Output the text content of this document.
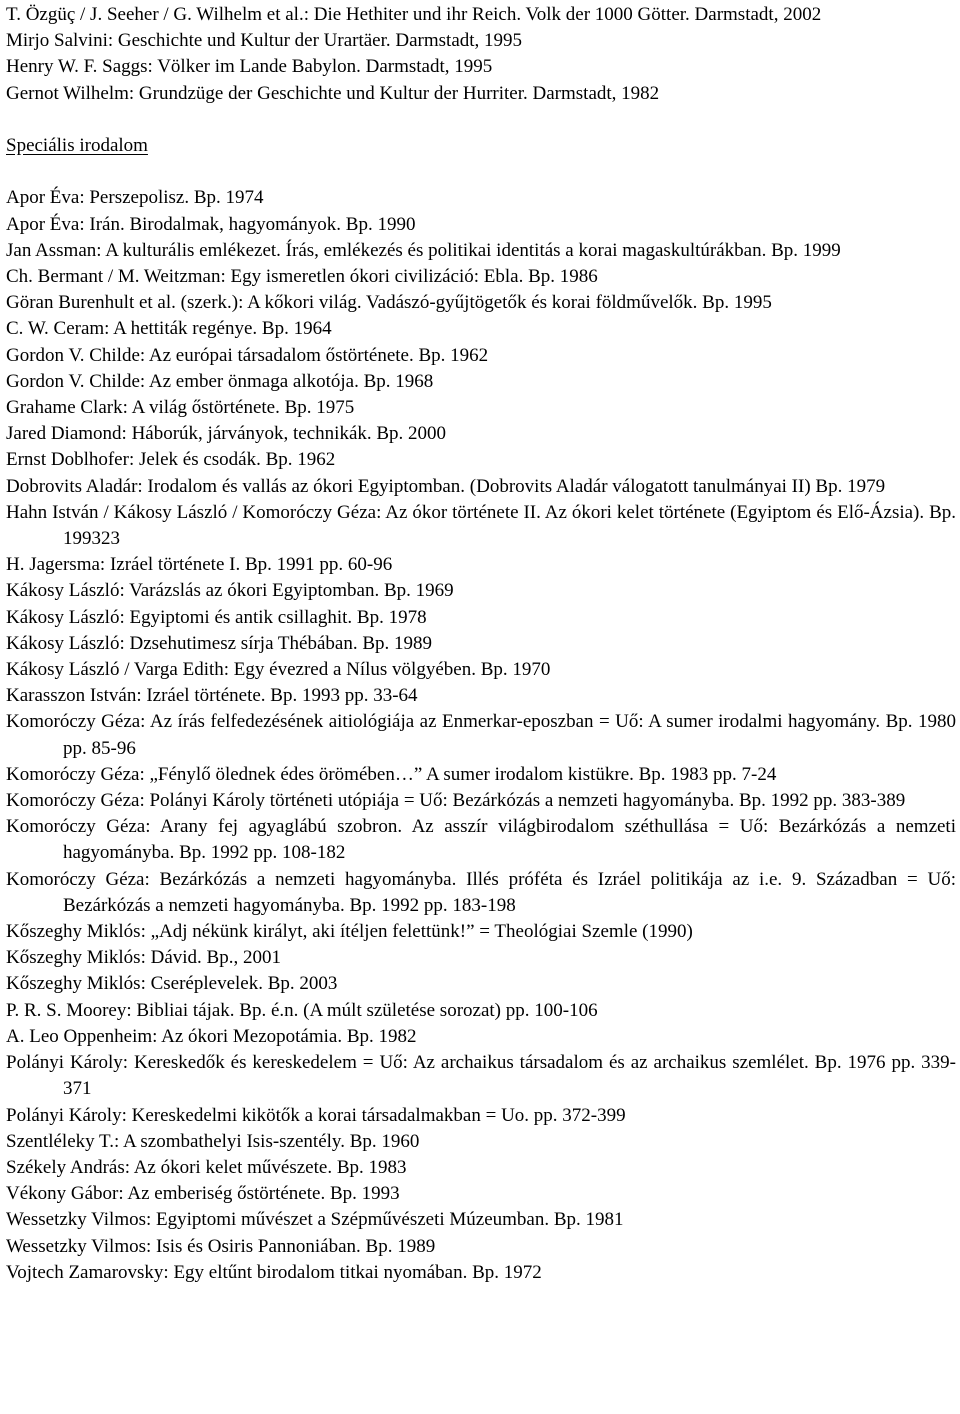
T. Özgüç / J. Seeher / G. Wilhelm et al.: Die Hethiter und ihr Reich. Volk der 1000 Götter. Darmstadt, 2002

Mirjo Salvini: Geschichte und Kultur der Urartäer. Darmstadt, 1995

Henry W. F. Saggs: Völker im Lande Babylon. Darmstadt, 1995

Gernot Wilhelm: Grundzüge der Geschichte und Kultur der Hurriter. Darmstadt, 1982

Speciális irodalom

Apor Éva: Perszepolisz. Bp. 1974

Apor Éva: Irán. Birodalmak, hagyományok. Bp. 1990

Jan Assman: A kulturális emlékezet. Írás, emlékezés és politikai identitás a korai magaskultúrákban. Bp. 1999

Ch. Bermant / M. Weitzman: Egy ismeretlen ókori civilizáció: Ebla. Bp. 1986

Göran Burenhult et al. (szerk.): A kőkori világ. Vadászó-gyűjtögetők és korai földművelők. Bp. 1995

C. W. Ceram: A hettiták regénye. Bp. 1964

Gordon V. Childe: Az európai társadalom őstörténete. Bp. 1962

Gordon V. Childe: Az ember önmaga alkotója. Bp. 1968

Grahame Clark: A világ őstörténete. Bp. 1975

Jared Diamond: Háborúk, járványok, technikák. Bp. 2000

Ernst Doblhofer: Jelek és csodák. Bp. 1962

Dobrovits Aladár: Irodalom és vallás az ókori Egyiptomban. (Dobrovits Aladár válogatott tanulmányai II) Bp. 1979

Hahn István / Kákosy László / Komoróczy Géza: Az ókor története II. Az ókori kelet története (Egyiptom és Elő-Ázsia). Bp. 199323

H. Jagersma: Izráel története I. Bp. 1991 pp. 60-96

Kákosy László: Varázslás az ókori Egyiptomban. Bp. 1969

Kákosy László: Egyiptomi és antik csillaghit. Bp. 1978

Kákosy László: Dzsehutimesz sírja Thébában. Bp. 1989

Kákosy László / Varga Edith: Egy évezred a Nílus völgyében. Bp. 1970

Karasszon István: Izráel története. Bp. 1993 pp. 33-64

Komoróczy Géza: Az írás felfedezésének aitiológiája az Enmerkar-eposzban = Uő: A sumer irodalmi hagyomány. Bp. 1980 pp. 85-96

Komoróczy Géza: „Fénylő ölednek édes örömében…” A sumer irodalom kistükre. Bp. 1983 pp. 7-24

Komoróczy Géza: Polányi Károly történeti utópiája = Uő: Bezárkózás a nemzeti hagyományba. Bp. 1992 pp. 383-389

Komoróczy Géza: Arany fej agyaglábú szobron. Az asszír világbirodalom széthullása = Uő: Bezárkózás a nemzeti hagyományba. Bp. 1992 pp. 108-182

Komoróczy Géza: Bezárkózás a nemzeti hagyományba. Illés próféta és Izráel politikája az i.e. 9. Században = Uő: Bezárkózás a nemzeti hagyományba. Bp. 1992 pp. 183-198

Kőszeghy Miklós: „Adj nékünk királyt, aki ítéljen felettünk!” = Theológiai Szemle (1990)

Kőszeghy Miklós: Dávid. Bp., 2001

Kőszeghy Miklós: Cseréplevelek. Bp. 2003

P. R. S. Moorey: Bibliai tájak. Bp. é.n. (A múlt születése sorozat) pp. 100-106

A. Leo Oppenheim: Az ókori Mezopotámia. Bp. 1982

Polányi Károly: Kereskedők és kereskedelem = Uő: Az archaikus társadalom és az archaikus szemlélet. Bp. 1976 pp. 339-371

Polányi Károly: Kereskedelmi kikötők a korai társadalmakban = Uo. pp. 372-399

Szentléleky T.: A szombathelyi Isis-szentély. Bp. 1960

Székely András: Az ókori kelet művészete. Bp. 1983

Vékony Gábor: Az emberiség őstörténete. Bp. 1993

Wessetzky Vilmos: Egyiptomi művészet a Szépművészeti Múzeumban. Bp. 1981

Wessetzky Vilmos: Isis és Osiris Pannoniában. Bp. 1989

Vojtech Zamarovsky: Egy eltűnt birodalom titkai nyomában. Bp. 1972
